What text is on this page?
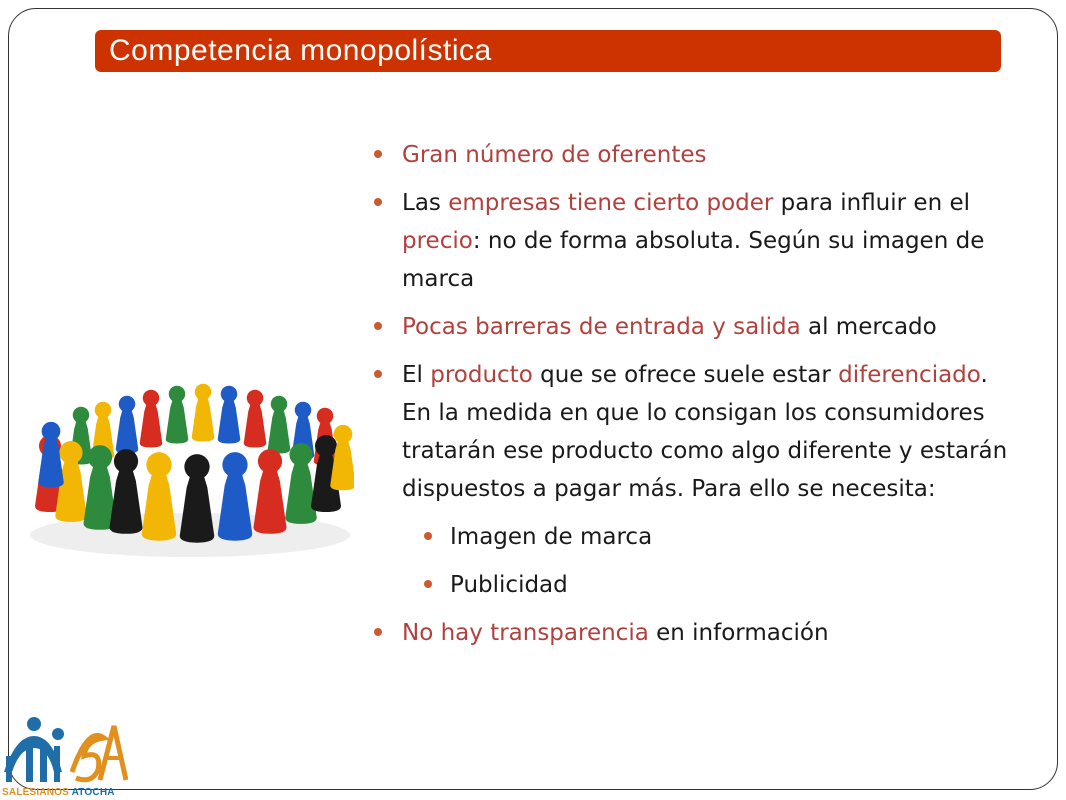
Competencia monopolística
Gran número de oferentes
Las empresas tiene cierto poder para influir en el precio: no de forma absoluta. Según su imagen de marca
Pocas barreras de entrada y salida al mercado
El producto que se ofrece suele estar diferenciado. En la medida en que lo consigan los consumidores tratarán ese producto como algo diferente y estarán dispuestos a pagar más. Para ello se necesita:
Imagen de marca
Publicidad
No hay transparencia en información
SALESIANOS ATOCHA
